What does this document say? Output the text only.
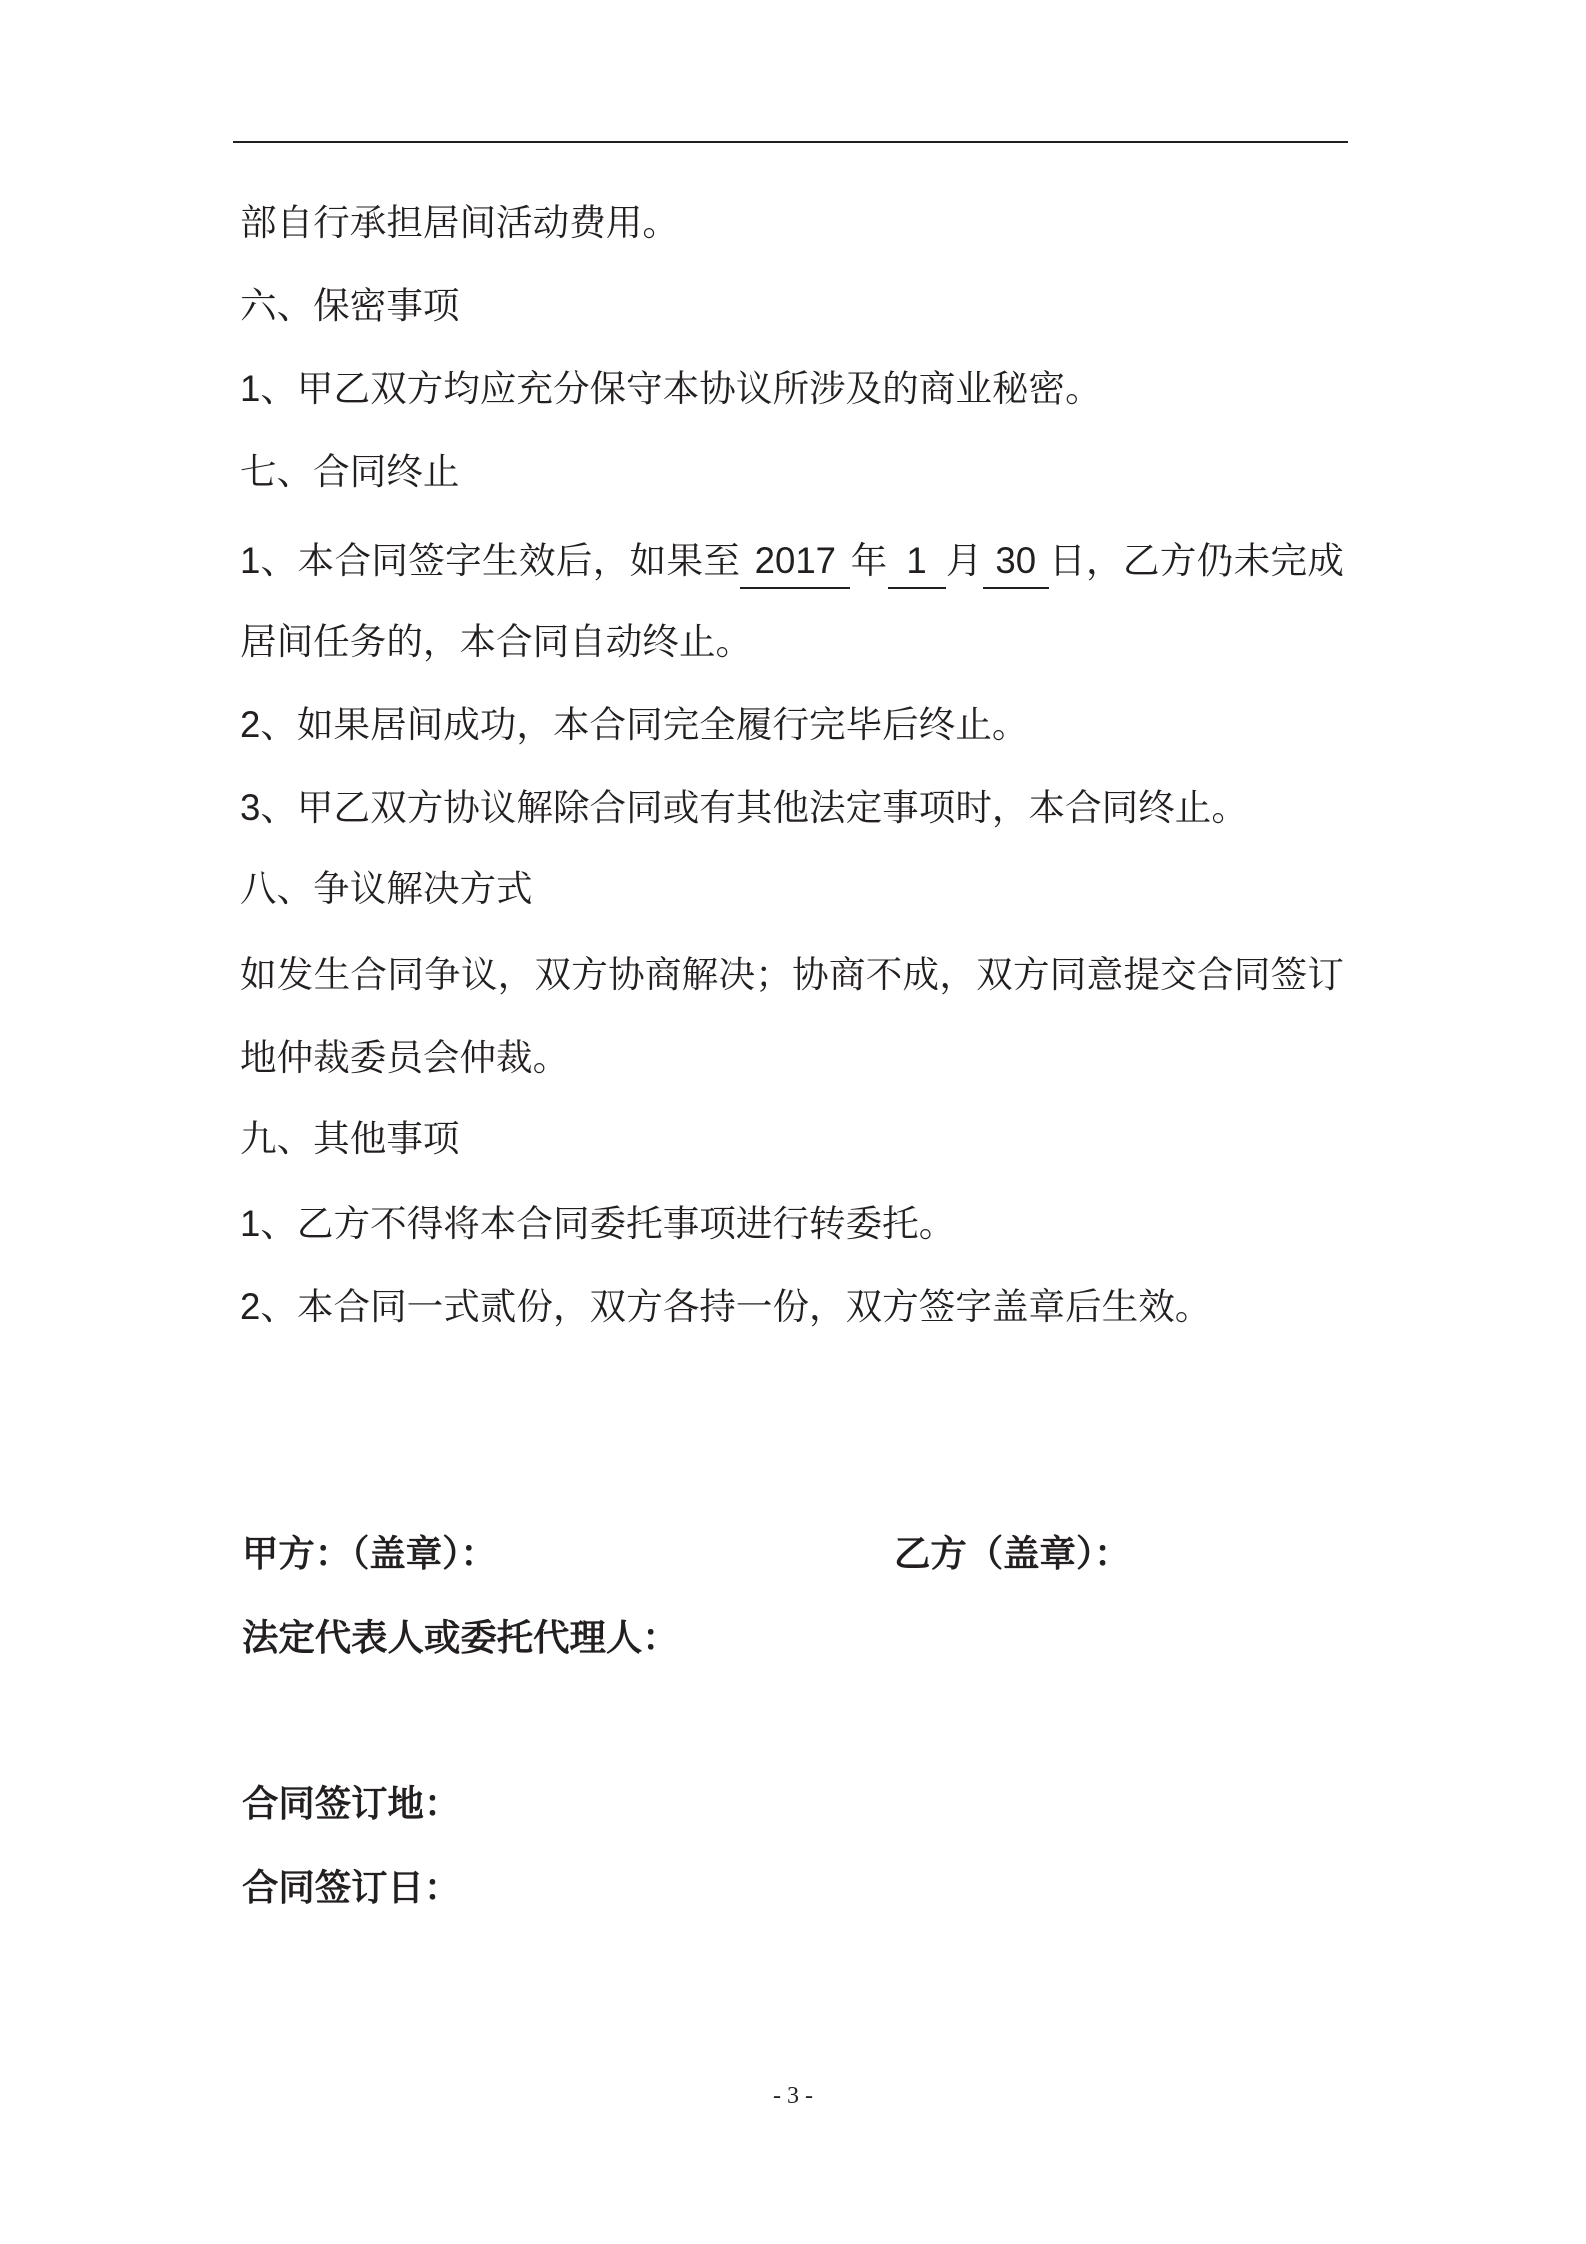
部自行承担居间活动费用。
六、保密事项
1、甲乙双方均应充分保守本协议所涉及的商业秘密。
七、合同终止
1、本合同签字生效后，如果至 2017 年 1 月 30 日，乙方仍未完成
居间任务的，本合同自动终止。
2、如果居间成功，本合同完全履行完毕后终止。
3、甲乙双方协议解除合同或有其他法定事项时，本合同终止。
八、争议解决方式
如发生合同争议，双方协商解决；协商不成，双方同意提交合同签订
地仲裁委员会仲裁。
九、其他事项
1、乙方不得将本合同委托事项进行转委托。
2、本合同一式贰份，双方各持一份，双方签字盖章后生效。
甲方：（盖章）：	乙方（盖章）：
法定代表人或委托代理人：
合同签订地：
合同签订日：
- 3 -
